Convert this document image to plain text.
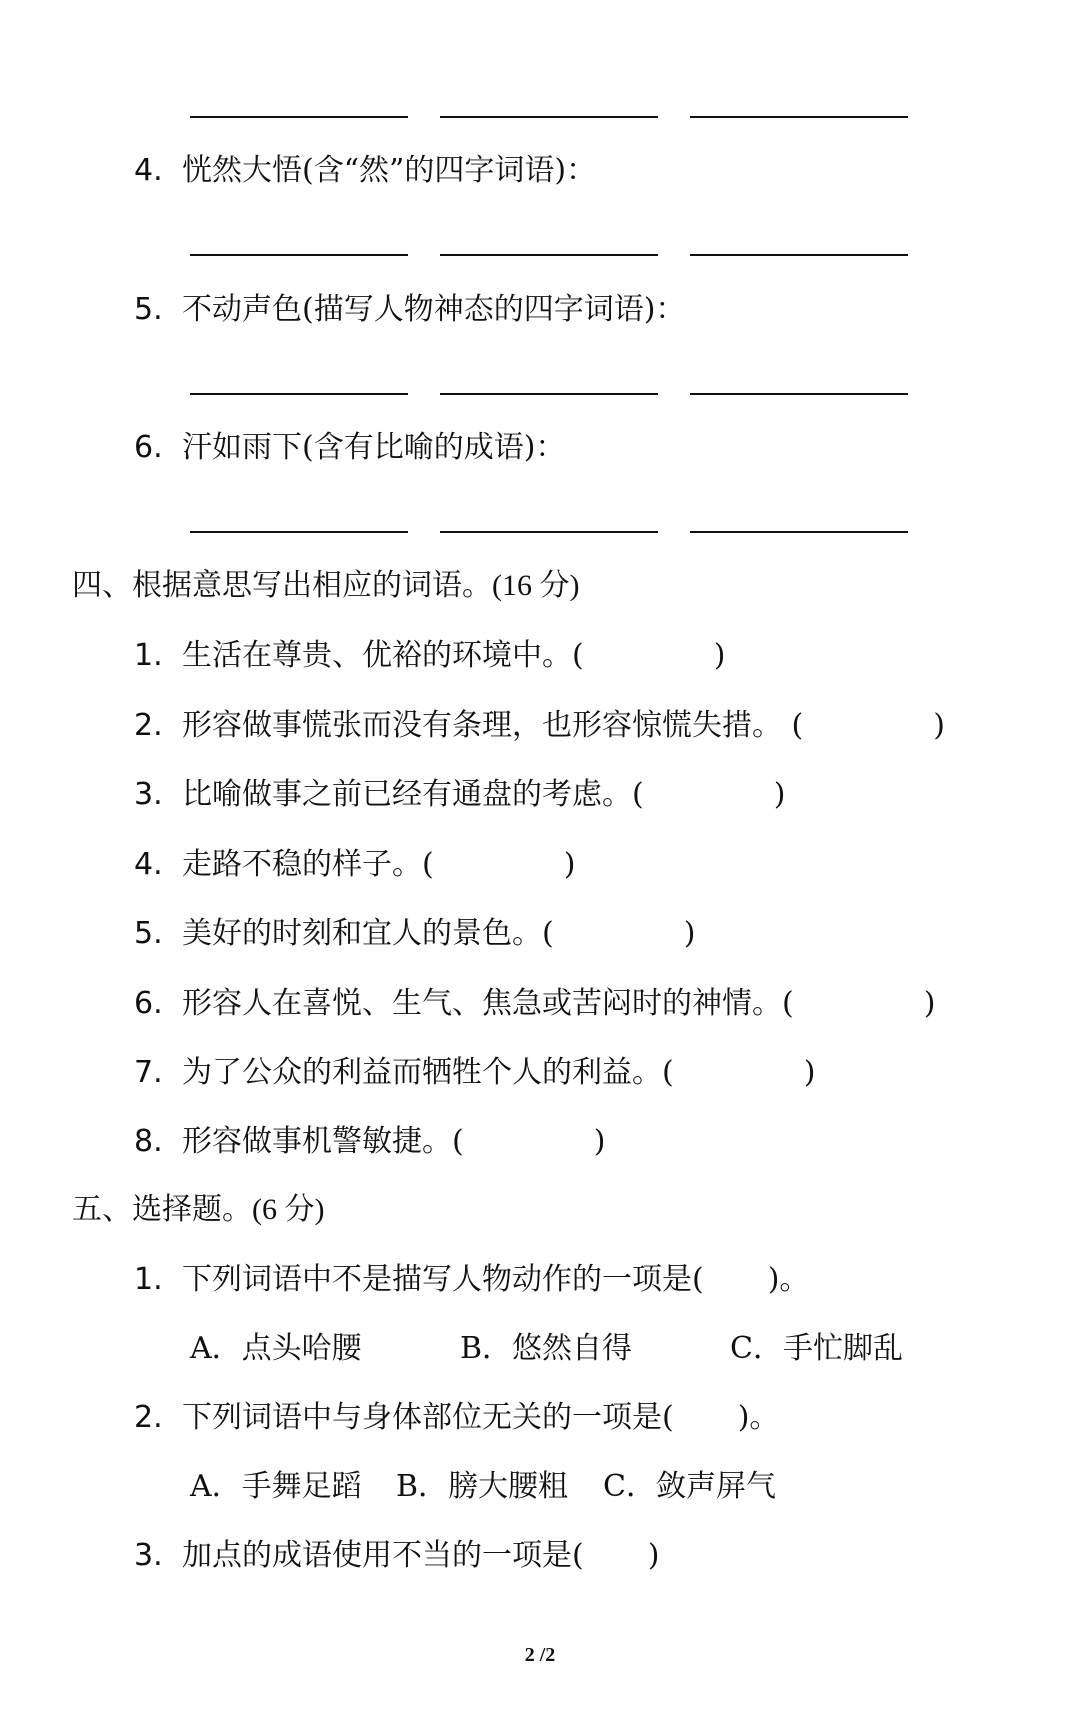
4. 恍然大悟(含“然”的四字词语)：
5. 不动声色(描写人物神态的四字词语)：
6. 汗如雨下(含有比喻的成语)：
四、根据意思写出相应的词语。(16 分)
1. 生活在尊贵、优裕的环境中。(	)
2. 形容做事慌张而没有条理，也形容惊慌失措。 (	)
3. 比喻做事之前已经有通盘的考虑。(	)
4. 走路不稳的样子。(	)
5. 美好的时刻和宜人的景色。(	)
6. 形容人在喜悦、生气、焦急或苦闷时的神情。(	)
7. 为了公众的利益而牺牲个人的利益。(	)
8. 形容做事机警敏捷。(	)
五、选择题。(6 分)
1. 下列词语中不是描写人物动作的一项是( )。
A．点头哈腰	B．悠然自得	C．手忙脚乱
2. 下列词语中与身体部位无关的一项是( )。
A．手舞足蹈 B．膀大腰粗 C．敛声屏气
3. 加点的成语使用不当的一项是( )
2 /2
